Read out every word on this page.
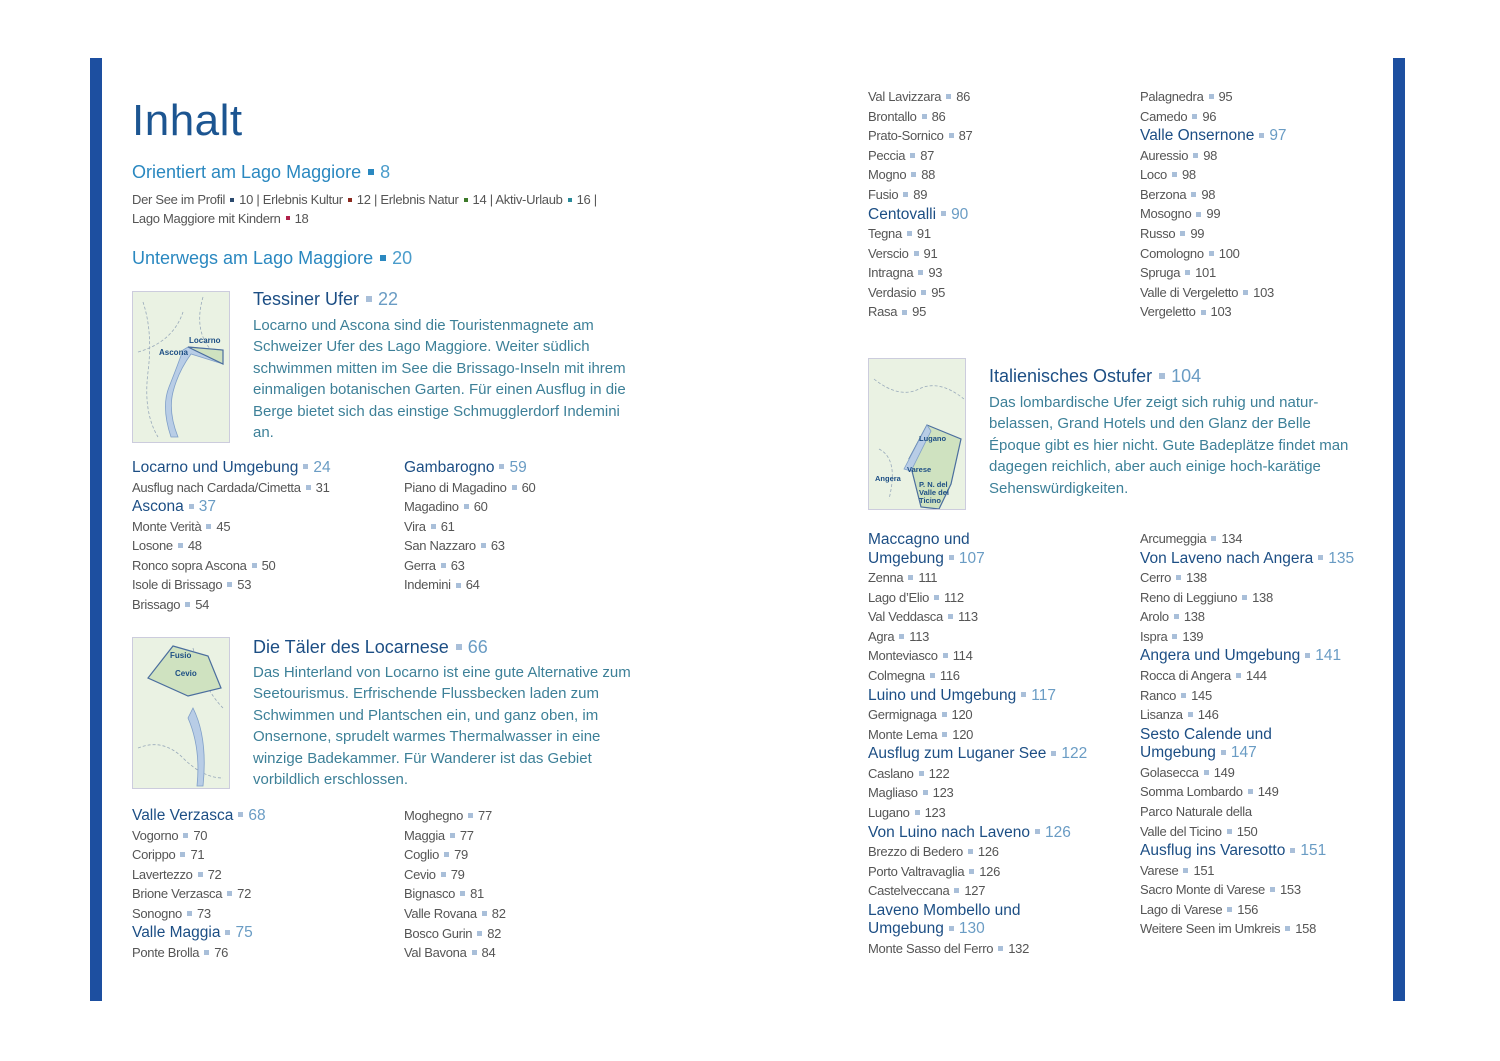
Inhalt
Orientiert am Lago Maggiore 8
Der See im Profil 10 | Erlebnis Kultur 12 | Erlebnis Natur 14 | Aktiv-Urlaub 16 |
Lago Maggiore mit Kindern 18
Unterwegs am Lago Maggiore 20
Locarno
Ascona
Tessiner Ufer 22
Locarno und Ascona sind die Touristenmagnete am Schweizer Ufer des Lago Maggiore. Weiter südlich schwimmen mitten im See die Brissago-Inseln mit ihrem einmaligen botanischen Garten. Für einen Ausflug in die Berge bietet sich das einstige Schmugglerdorf Indemini an.
Fusio
Cevio
Die Täler des Locarnese 66
Das Hinterland von Locarno ist eine gute Alternative zum Seetourismus. Erfrischende Flussbecken laden zum Schwimmen und Plantschen ein, und ganz oben, im Onsernone, sprudelt warmes Thermalwasser in eine winzige Badekammer. Für Wanderer ist das Gebiet vorbildlich erschlossen.
Lugano
Varese
Angera
P. N. del Valle del Ticino
Italienisches Ostufer 104
Das lombardische Ufer zeigt sich ruhig und natur-belassen, Grand Hotels und den Glanz der Belle Époque gibt es hier nicht. Gute Badeplätze findet man dagegen reichlich, aber auch einige hoch-karätige Sehenswürdigkeiten.
Locarno und Umgebung 24
Ausflug nach Cardada/Cimetta 31
Ascona 37
Monte Verità 45
Losone 48
Ronco sopra Ascona 50
Isole di Brissago 53
Brissago 54
Gambarogno 59
Piano di Magadino 60
Magadino 60
Vira 61
San Nazzaro 63
Gerra 63
Indemini 64
Valle Verzasca 68
Vogorno 70
Corippo 71
Lavertezzo 72
Brione Verzasca 72
Sonogno 73
Valle Maggia 75
Ponte Brolla 76
Moghegno 77
Maggia 77
Coglio 79
Cevio 79
Bignasco 81
Valle Rovana 82
Bosco Gurin 82
Val Bavona 84
Val Lavizzara 86
Brontallo 86
Prato-Sornico 87
Peccia 87
Mogno 88
Fusio 89
Centovalli 90
Tegna 91
Verscio 91
Intragna 93
Verdasio 95
Rasa 95
Palagnedra 95
Camedo 96
Valle Onsernone 97
Auressio 98
Loco 98
Berzona 98
Mosogno 99
Russo 99
Comologno 100
Spruga 101
Valle di Vergeletto 103
Vergeletto 103
Maccagno und
Umgebung 107
Zenna 111
Lago d’Elio 112
Val Veddasca 113
Agra 113
Monteviasco 114
Colmegna 116
Luino und Umgebung 117
Germignaga 120
Monte Lema 120
Ausflug zum Luganer See 122
Caslano 122
Magliaso 123
Lugano 123
Von Luino nach Laveno 126
Brezzo di Bedero 126
Porto Valtravaglia 126
Castelveccana 127
Laveno Mombello und
Umgebung 130
Monte Sasso del Ferro 132
Arcumeggia 134
Von Laveno nach Angera 135
Cerro 138
Reno di Leggiuno 138
Arolo 138
Ispra 139
Angera und Umgebung 141
Rocca di Angera 144
Ranco 145
Lisanza 146
Sesto Calende und
Umgebung 147
Golasecca 149
Somma Lombardo 149
Parco Naturale della
Valle del Ticino 150
Ausflug ins Varesotto 151
Varese 151
Sacro Monte di Varese 153
Lago di Varese 156
Weitere Seen im Umkreis 158
